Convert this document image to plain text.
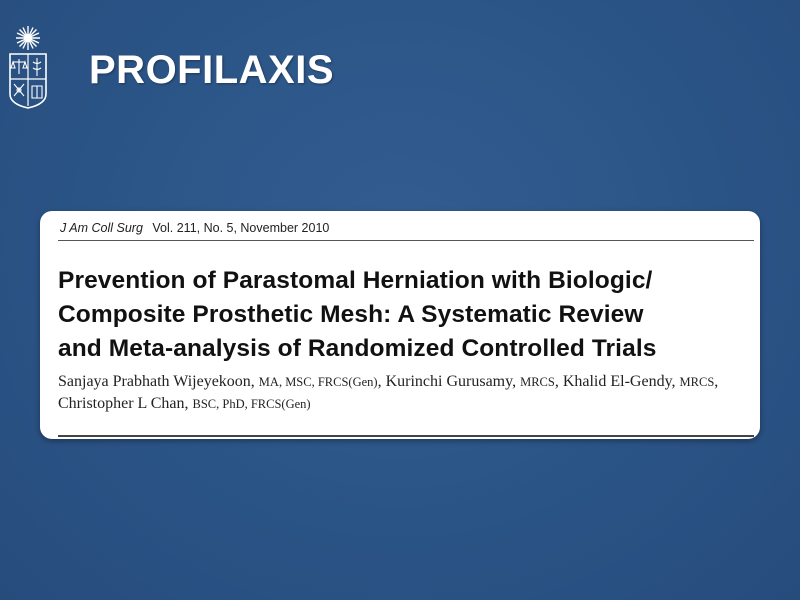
PROFILAXIS
J Am Coll Surg Vol. 211, No. 5, November 2010
Prevention of Parastomal Herniation with Biologic/
Composite Prosthetic Mesh: A Systematic Review
and Meta-analysis of Randomized Controlled Trials
Sanjaya Prabhath Wijeyekoon, MA, MSC, FRCS(Gen), Kurinchi Gurusamy, MRCS, Khalid El-Gendy, MRCS,
Christopher L Chan, BSC, PhD, FRCS(Gen)
